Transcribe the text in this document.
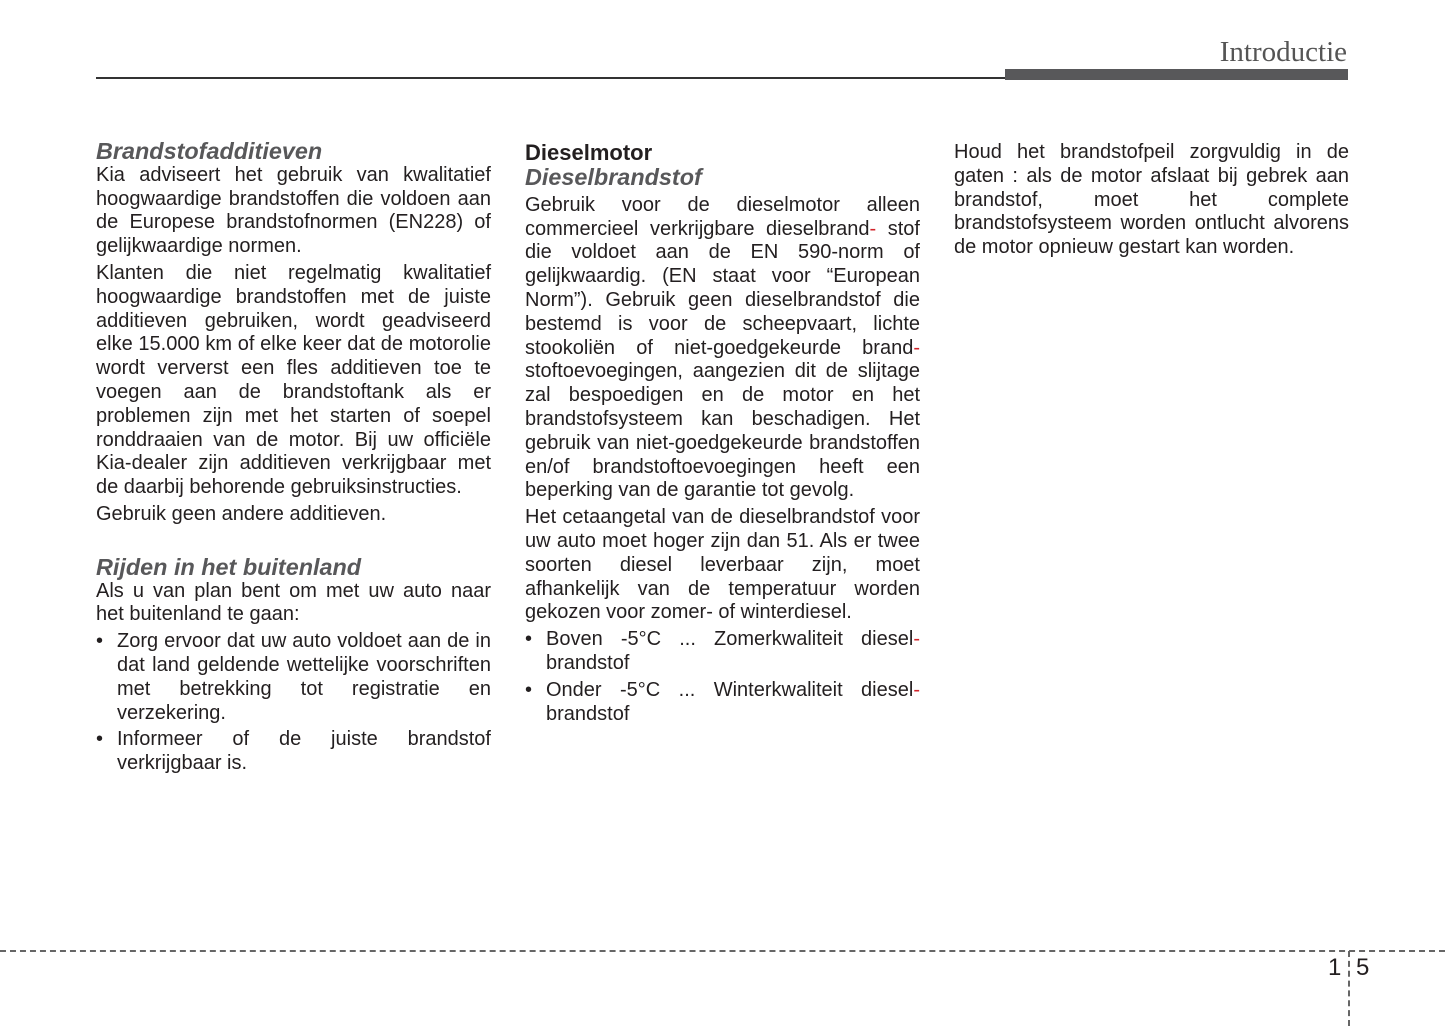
Introductie
Brandstofadditieven

Kia adviseert het gebruik van kwalitatief hoogwaardige brandstoffen die voldoen aan de Europese brandstofnormen (EN228) of gelijkwaardige normen.

Klanten die niet regelmatig kwalitatief hoogwaardige brandstoffen met de juiste additieven gebruiken, wordt geadviseerd elke 15.000 km of elke keer dat de motorolie wordt ververst een fles additieven toe te voegen aan de brandstoftank als er problemen zijn met het starten of soepel ronddraaien van de motor. Bij uw officiële Kia-dealer zijn additieven verkrijgbaar met de daarbij behorende gebruiksinstructies.

Gebruik geen andere additieven.

Rijden in het buitenland

Als u van plan bent om met uw auto naar het buitenland te gaan:

• Zorg ervoor dat uw auto voldoet aan de in dat land geldende wettelijke voorschriften met betrekking tot registratie en verzekering.
• Informeer of de juiste brandstof verkrijgbaar is.
Dieselmotor
Dieselbrandstof

Gebruik voor de dieselmotor alleen commercieel verkrijgbare dieselbrand- stof die voldoet aan de EN 590-norm of gelijkwaardig. (EN staat voor “European Norm”). Gebruik geen dieselbrandstof die bestemd is voor de scheepvaart, lichte stookoliën of niet-goedgekeurde brand-stoftoevoegingen, aangezien dit de slijtage zal bespoedigen en de motor en het brandstofsysteem kan beschadigen. Het gebruik van niet-goedgekeurde brandstoffen en/of brandstoftoevoegingen heeft een beperking van de garantie tot gevolg.

Het cetaangetal van de dieselbrandstof voor uw auto moet hoger zijn dan 51. Als er twee soorten diesel leverbaar zijn, moet afhankelijk van de temperatuur worden gekozen voor zomer- of winterdiesel.

• Boven -5°C ... Zomerkwaliteit diesel- brandstof
• Onder -5°C ... Winterkwaliteit diesel- brandstof

Houd het brandstofpeil zorgvuldig in de gaten : als de motor afslaat bij gebrek aan brandstof, moet het complete brandstofsysteem worden ontlucht alvorens de motor opnieuw gestart kan worden.

1 5
